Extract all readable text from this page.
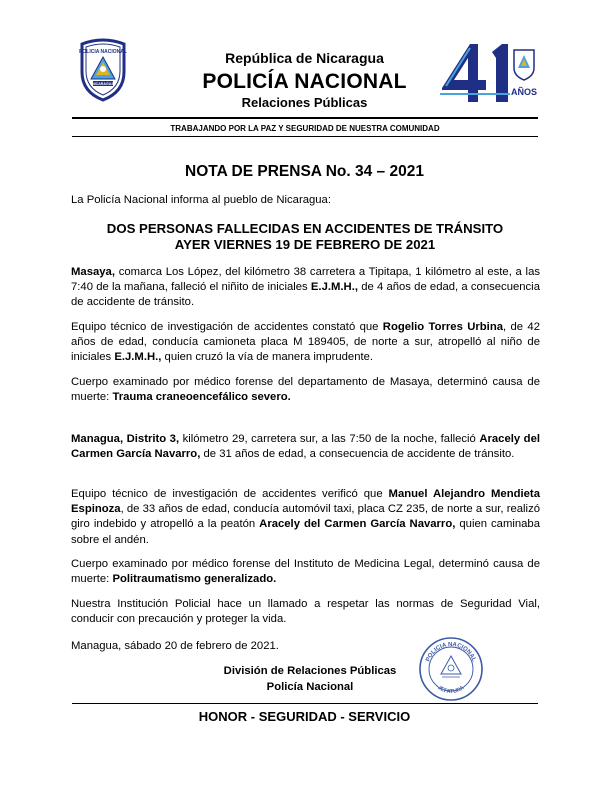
POLICIA NACIONAL
NICARAGUA
República de Nicaragua
POLICÍA NACIONAL
Relaciones Públicas
AÑOS
TRABAJANDO POR LA PAZ Y SEGURIDAD DE NUESTRA COMUNIDAD
NOTA DE PRENSA No. 34 – 2021
La Policía Nacional informa al pueblo de Nicaragua:
DOS PERSONAS FALLECIDAS EN ACCIDENTES DE TRÁNSITO
AYER VIERNES 19 DE FEBRERO DE 2021
Masaya, comarca Los López, del kilómetro 38 carretera a Tipitapa, 1 kilómetro al este, a las 7:40 de la mañana, falleció el niñito de iniciales E.J.M.H., de 4 años de edad, a consecuencia de accidente de tránsito.
Equipo técnico de investigación de accidentes constató que Rogelio Torres Urbina, de 42 años de edad, conducía camioneta placa M 189405, de norte a sur, atropelló al niño de iniciales E.J.M.H., quien cruzó la vía de manera imprudente.
Cuerpo examinado por médico forense del departamento de Masaya, determinó causa de muerte: Trauma craneoencefálico severo.
Managua, Distrito 3, kilómetro 29, carretera sur, a las 7:50 de la noche, falleció Aracely del Carmen García Navarro, de 31 años de edad, a consecuencia de accidente de tránsito.
Equipo técnico de investigación de accidentes verificó que Manuel Alejandro Mendieta Espinoza, de 33 años de edad, conducía automóvil taxi, placa CZ 235, de norte a sur, realizó giro indebido y atropelló a la peatón Aracely del Carmen García Navarro, quien caminaba sobre el andén.
Cuerpo examinado por médico forense del Instituto de Medicina Legal, determinó causa de muerte: Politraumatismo generalizado.
Nuestra Institución Policial hace un llamado a respetar las normas de Seguridad Vial, conducir con precaución y proteger la vida.
Managua, sábado 20 de febrero de 2021.
División de Relaciones Públicas
Policía Nacional
POLICIA NACIONAL
JEFATURA
HONOR - SEGURIDAD - SERVICIO
